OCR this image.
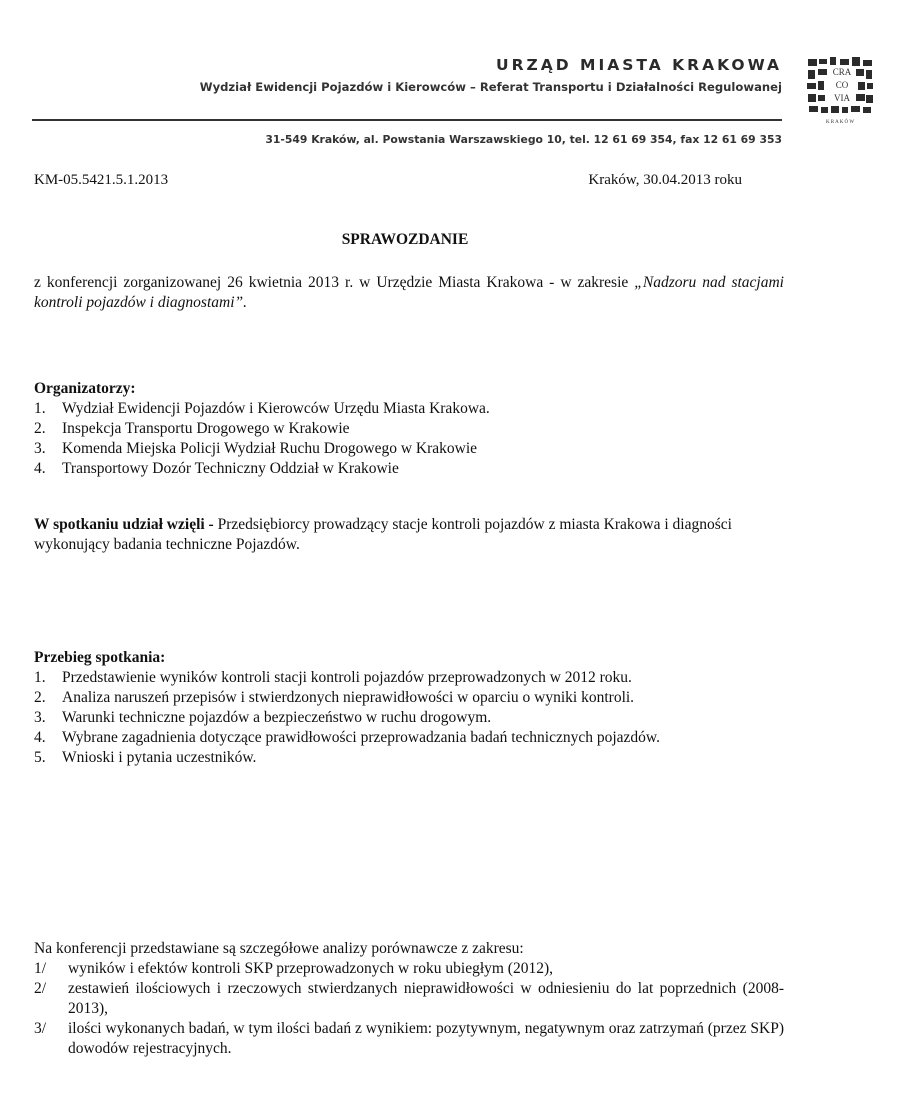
URZĄD MIASTA KRAKOWA
Wydział Ewidencji Pojazdów i Kierowców – Referat Transportu i Działalności Regulowanej
31-549 Kraków, al. Powstania Warszawskiego 10, tel. 12 61 69 354, fax 12 61 69 353
CRA
CO
VIA
K R A K Ó W
KM-05.5421.5.1.2013	Kraków, 30.04.2013 roku
SPRAWOZDANIE
z konferencji zorganizowanej 26 kwietnia 2013 r. w Urzędzie Miasta Krakowa - w zakresie „Nadzoru nad stacjami kontroli pojazdów i diagnostami”.
Organizatorzy:
1. Wydział Ewidencji Pojazdów i Kierowców Urzędu Miasta Krakowa.
2. Inspekcja Transportu Drogowego w Krakowie
3. Komenda Miejska Policji Wydział Ruchu Drogowego w Krakowie
4. Transportowy Dozór Techniczny Oddział w Krakowie
W spotkaniu udział wzięli - Przedsiębiorcy prowadzący stacje kontroli pojazdów z miasta Krakowa i diagności wykonujący badania techniczne Pojazdów.
Przebieg spotkania:
1. Przedstawienie wyników kontroli stacji kontroli pojazdów przeprowadzonych w 2012 roku.
2. Analiza naruszeń przepisów i stwierdzonych nieprawidłowości w oparciu o wyniki kontroli.
3. Warunki techniczne pojazdów a bezpieczeństwo w ruchu drogowym.
4. Wybrane zagadnienia dotyczące prawidłowości przeprowadzania badań technicznych pojazdów.
5. Wnioski i pytania uczestników.
Na konferencji przedstawiane są szczegółowe analizy porównawcze z zakresu:
1/ wyników i efektów kontroli SKP przeprowadzonych w roku ubiegłym (2012),
2/ zestawień ilościowych i rzeczowych stwierdzanych nieprawidłowości w odniesieniu do lat poprzednich (2008-2013),
3/ ilości wykonanych badań, w tym ilości badań z wynikiem: pozytywnym, negatywnym oraz zatrzymań (przez SKP) dowodów rejestracyjnych.
